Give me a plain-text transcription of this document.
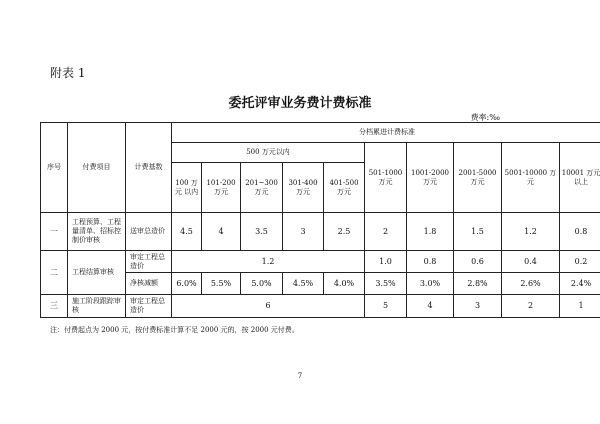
附表 1
委托评审业务费计费标准
费率:‰
序号	付费项目	计费基数	分档累进计费标准									
			500 万元以内					501-1000 万元	1001-2000 万元	2001-5000 万元	5001-10000 万元	10001 万元 以上
			100 万元 以内	101-200 万元	201~300 万元	301-400 万元	401-500 万元					
一	工程预算、工程量清单、招标控制价审核	送审总造价	4.5	4	3.5	3	2.5	2	1.8	1.5	1.2	0.8
二	工程结算审核	审定工程总造价	1.2					1.0	0.8	0.6	0.4	0.2
		净核减额	6.0%	5.5%	5.0%	4.5%	4.0%	3.5%	3.0%	2.8%	2.6%	2.4%
三	施工阶段跟踪审核	审定工程总造价	6					5	4	3	2	1
注：付费起点为 2000 元，按付费标准计算不足 2000 元的，按 2000 元付费。
7
